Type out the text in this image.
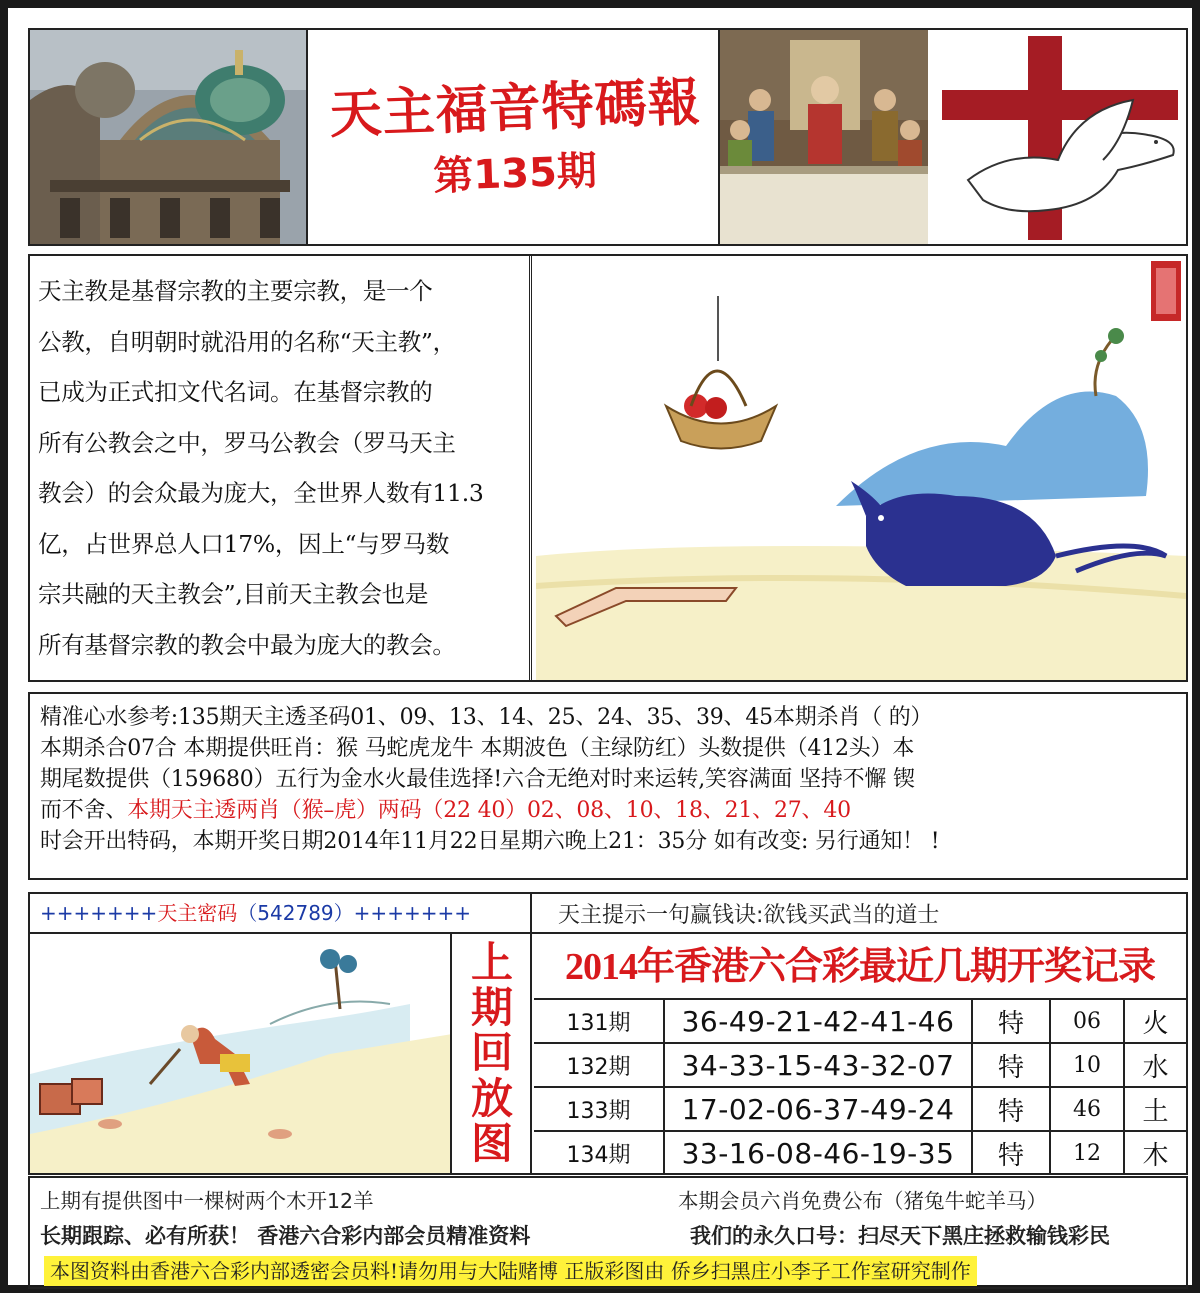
天主福音特碼報
第135期

天主教是基督宗教的主要宗教，是一个

公教，自明朝时就沿用的名称“天主教”，

已成为正式扣文代名词。在基督宗教的

所有公教会之中，罗马公教会（罗马天主

教会）的会众最为庞大，全世界人数有11.3

亿，占世界总人口17%，因上“与罗马数

宗共融的天主教会”,目前天主教会也是

所有基督宗教的教会中最为庞大的教会。

精准心水参考:135期天主透圣码01、09、13、14、25、24、35、39、45本期杀肖（ 的）

本期杀合07合 本期提供旺肖：猴 马蛇虎龙牛 本期波色（主绿防红）头数提供（412头）本

期尾数提供（159680）五行为金水火最佳选择!六合无绝对时来运转,笑容满面 坚持不懈 锲

而不舍、本期天主透两肖（猴–虎）两码（22 40）02、08、10、18、21、27、40

时会开出特码，本期开奖日期2014年11月22日星期六晚上21：35分 如有改变: 另行通知！ !

+++++++天主密码（542789）+++++++	天主提示一句赢钱诀:欲钱买武当的道士
上
期
回
放
图
2014年香港六合彩最近几期开奖记录
131期	36-49-21-42-41-46	特	06	火
132期	34-33-15-43-32-07	特	10	水
133期	17-02-06-37-49-24	特	46	土
134期	33-16-08-46-19-35	特	12	木
上期有提供图中一棵树两个木开12羊	本期会员六肖免费公布（猪兔牛蛇羊马）
长期跟踪、必有所获！ 香港六合彩内部会员精准资料	我们的永久口号：扫尽天下黑庄拯救输钱彩民
本图资料由香港六合彩内部透密会员料!请勿用与大陆赌博 正版彩图由 侨乡扫黑庄小李子工作室研究制作
